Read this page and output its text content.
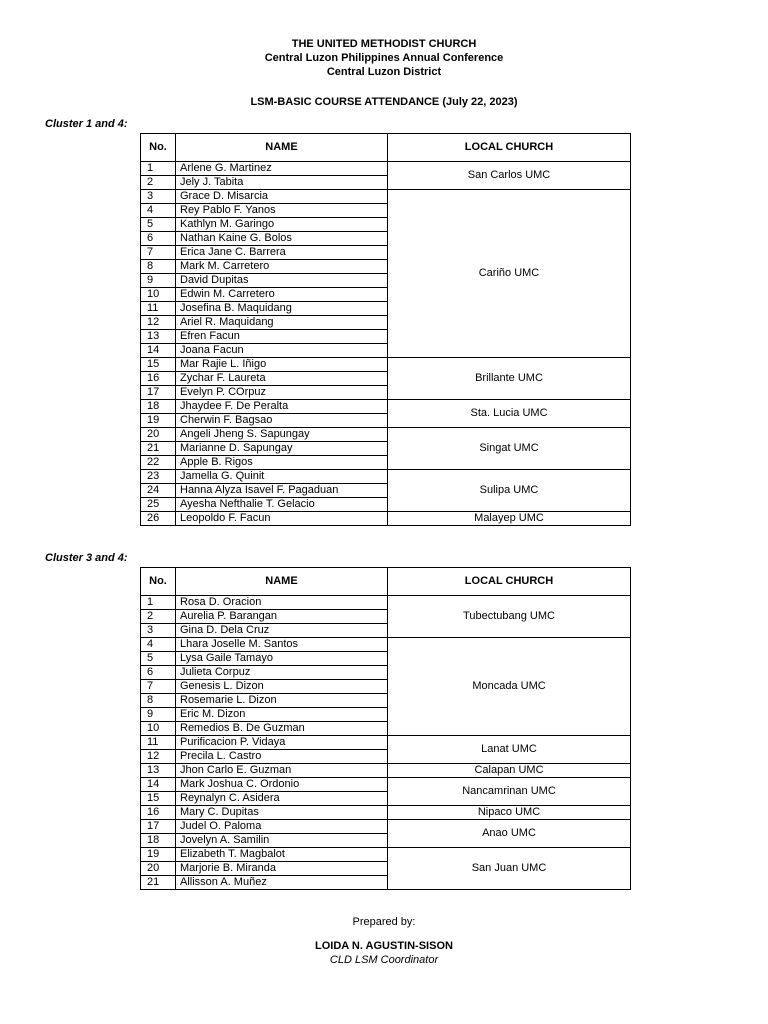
THE UNITED METHODIST CHURCH
Central Luzon Philippines Annual Conference
Central Luzon District
LSM-BASIC COURSE ATTENDANCE (July 22, 2023)
Cluster 1 and 4:
No.	NAME	LOCAL CHURCH
1	Arlene G. Martinez	San Carlos UMC
2	Jely J. Tabita	
3	Grace D. Misarcia	Cariño UMC
4	Rey Pablo F. Yanos	
5	Kathlyn M. Garingo	
6	Nathan Kaine G. Bolos	
7	Erica Jane C. Barrera	
8	Mark M. Carretero	
9	David Dupitas	
10	Edwin M. Carretero	
11	Josefina B. Maquidang	
12	Ariel R. Maquidang	
13	Efren Facun	
14	Joana Facun	
15	Mar Rajie L. Iñigo	Brillante UMC
16	Zychar F. Laureta	
17	Evelyn P. COrpuz	
18	Jhaydee F. De Peralta	Sta. Lucia UMC
19	Cherwin F. Bagsao	
20	Angeli Jheng S. Sapungay	Singat UMC
21	Marianne D. Sapungay	
22	Apple B. Rigos	
23	Jamella G. Quinit	Sulipa UMC
24	Hanna Alyza Isavel F. Pagaduan	
25	Ayesha Nefthalie T. Gelacio	
26	Leopoldo F. Facun	Malayep UMC
Cluster 3 and 4:
No.	NAME	LOCAL CHURCH
1	Rosa D. Oracion	Tubectubang UMC
2	Aurelia P. Barangan	
3	Gina D. Dela Cruz	
4	Lhara Joselle M. Santos	Moncada UMC
5	Lysa Gaile Tamayo	
6	Julieta Corpuz	
7	Genesis L. Dizon	
8	Rosemarie L. Dizon	
9	Eric M. Dizon	
10	Remedios B. De Guzman	
11	Purificacion P. Vidaya	Lanat UMC
12	Precila L. Castro	
13	Jhon Carlo E. Guzman	Calapan UMC
14	Mark Joshua C. Ordonio	Nancamrinan UMC
15	Reynalyn C. Asidera	
16	Mary C. Dupitas	Nipaco UMC
17	Judel O. Paloma	Anao UMC
18	Jovelyn A. Samilin	
19	Elizabeth T. Magbalot	San Juan UMC
20	Marjorie B. Miranda	
21	Allisson A. Muñez	
Prepared by:
LOIDA N. AGUSTIN-SISON
CLD LSM Coordinator
